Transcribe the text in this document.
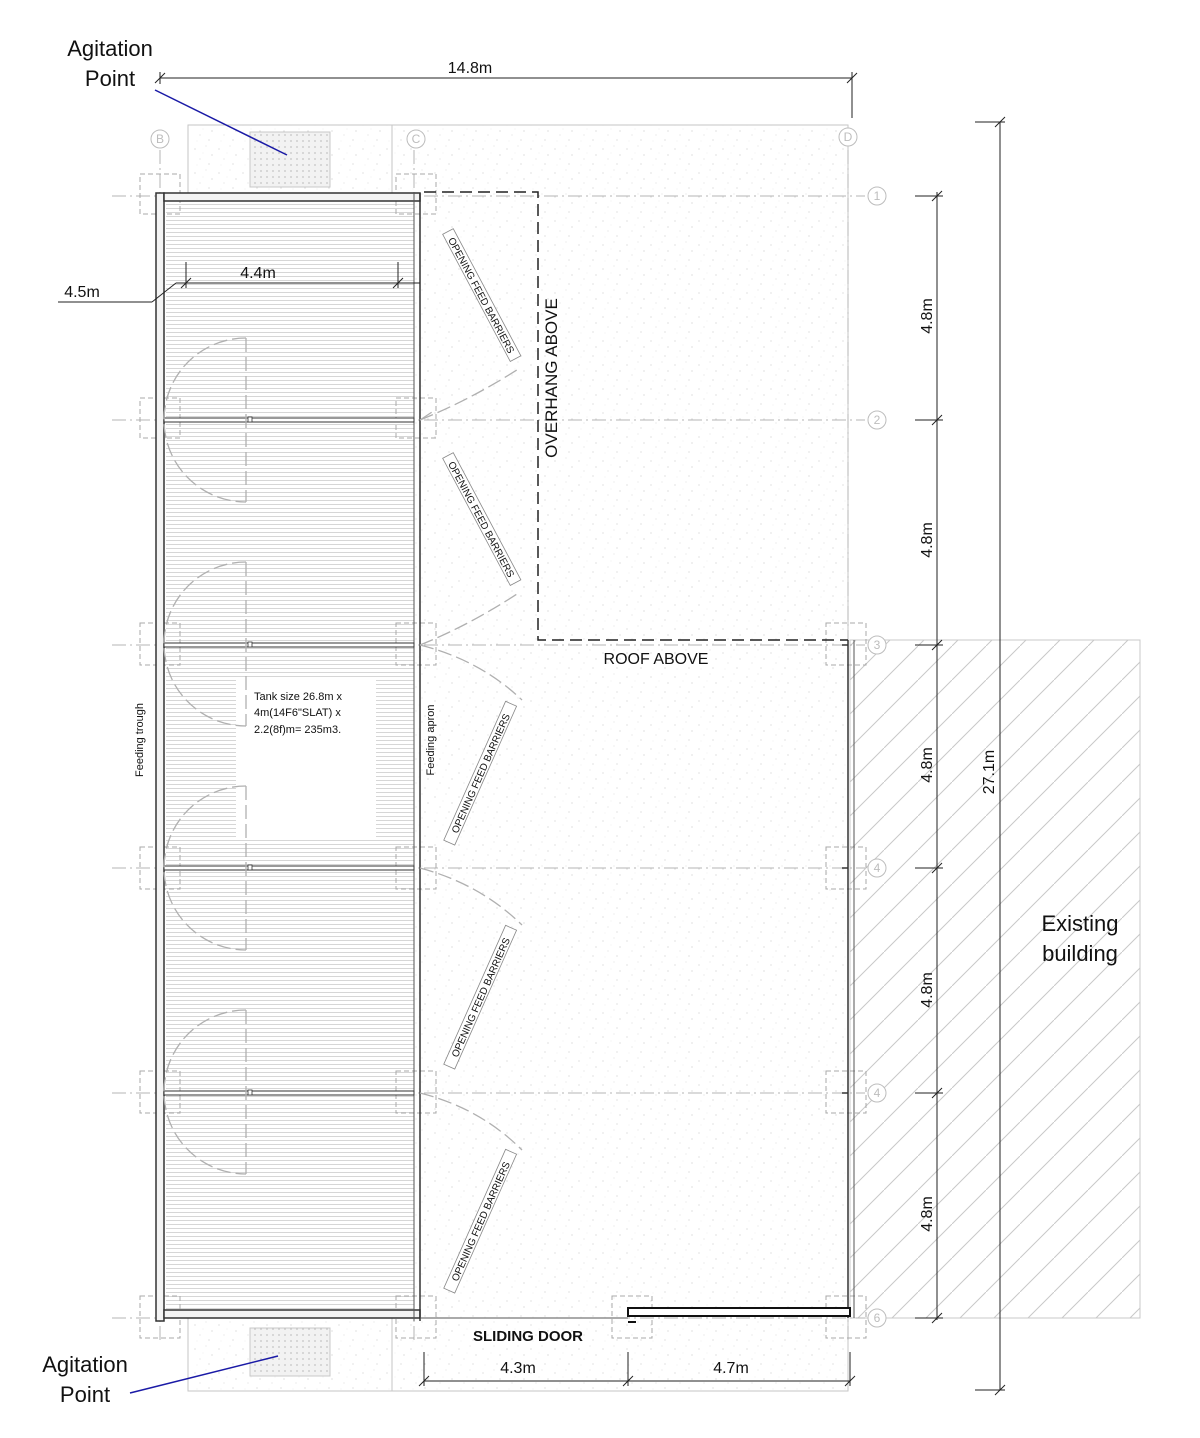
B	C	D
1
2
3
4
4
6
14.8m
4.4m
4.5m
4.8m
4.8m
4.8m
4.8m
4.8m
27.1m
4.3m	4.7m
OVERHANG ABOVE
ROOF ABOVE
SLIDING DOOR
Existing
building
Feeding trough	Feeding apron
Tank size 26.8m x
4m(14F6"SLAT) x
2.2(8f)m= 235m3.
OPENING FEED BARRIERS
OPENING FEED BARRIERS
OPENING FEED BARRIERS
OPENING FEED BARRIERS
OPENING FEED BARRIERS
Agitation
Point
Agitation
Point
